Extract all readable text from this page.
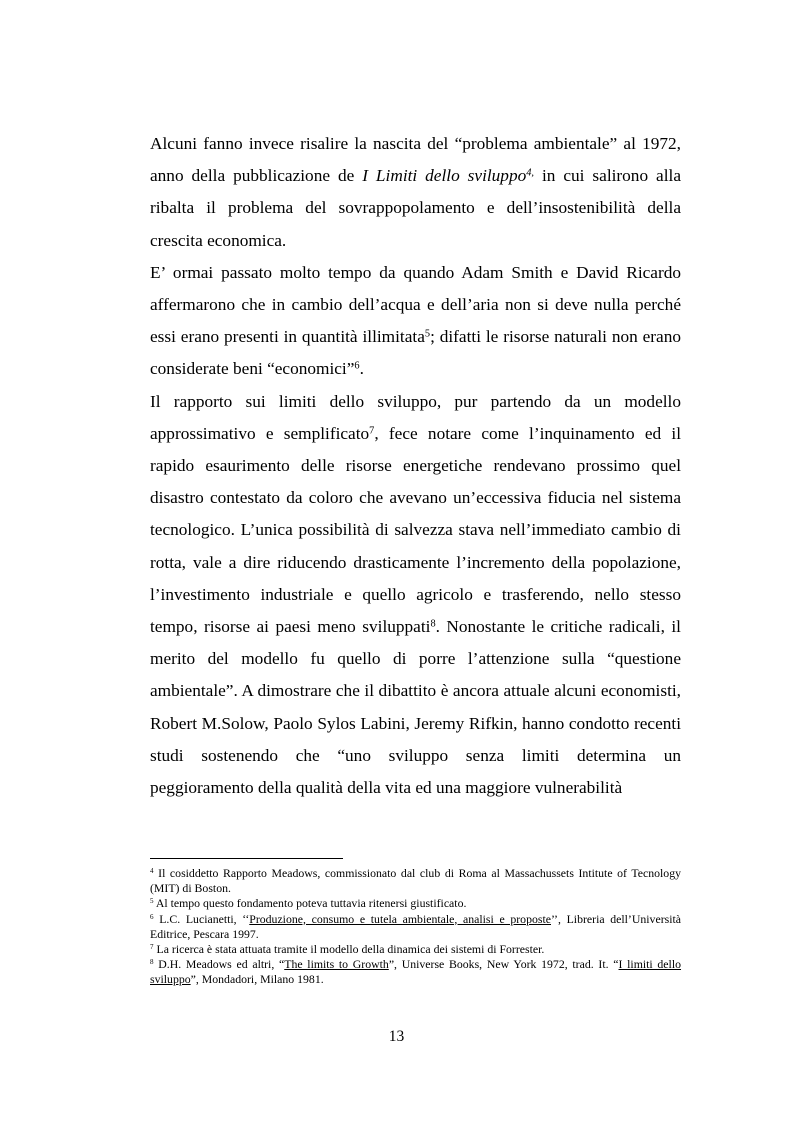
Alcuni fanno invece risalire la nascita del “problema ambientale” al 1972, anno della pubblicazione de I Limiti dello sviluppo$^{4,}$ in cui salirono alla ribalta il problema del sovrappopolamento e dell’insostenibilità della crescita economica.

E’ ormai passato molto tempo da quando Adam Smith e David Ricardo affermarono che in cambio dell’acqua e dell’aria non si deve nulla perché essi erano presenti in quantità illimitata$^5$; difatti le risorse naturali non erano considerate beni “economici”$^6$.

Il rapporto sui limiti dello sviluppo, pur partendo da un modello approssimativo e semplificato$^7$, fece notare come l’inquinamento ed il rapido esaurimento delle risorse energetiche rendevano prossimo quel disastro contestato da coloro che avevano un’eccessiva fiducia nel sistema tecnologico. L’unica possibilità di salvezza stava nell’immediato cambio di rotta, vale a dire riducendo drasticamente l’incremento della popolazione, l’investimento industriale e quello agricolo e trasferendo, nello stesso tempo, risorse ai paesi meno sviluppati$^8$. Nonostante le critiche radicali, il merito del modello fu quello di porre l’attenzione sulla “questione ambientale”. A dimostrare che il dibattito è ancora attuale alcuni economisti, Robert M.Solow, Paolo Sylos Labini, Jeremy Rifkin, hanno condotto recenti studi sostenendo che “uno sviluppo senza limiti determina un peggioramento della qualità della vita ed una maggiore vulnerabilità

$^4$ Il cosiddetto Rapporto Meadows, commissionato dal club di Roma al Massachussets Intitute of Tecnology (MIT) di Boston.

$^5$ Al tempo questo fondamento poteva tuttavia ritenersi giustificato.

$^6$ L.C. Lucianetti, ‘‘Produzione, consumo e tutela ambientale, analisi e proposte’’, Libreria dell’Università Editrice, Pescara 1997.

$^7$ La ricerca è stata attuata tramite il modello della dinamica dei sistemi di Forrester.

$^8$ D.H. Meadows ed altri, “The limits to Growth”, Universe Books, New York 1972, trad. It. “I limiti dello sviluppo”, Mondadori, Milano 1981.

13
